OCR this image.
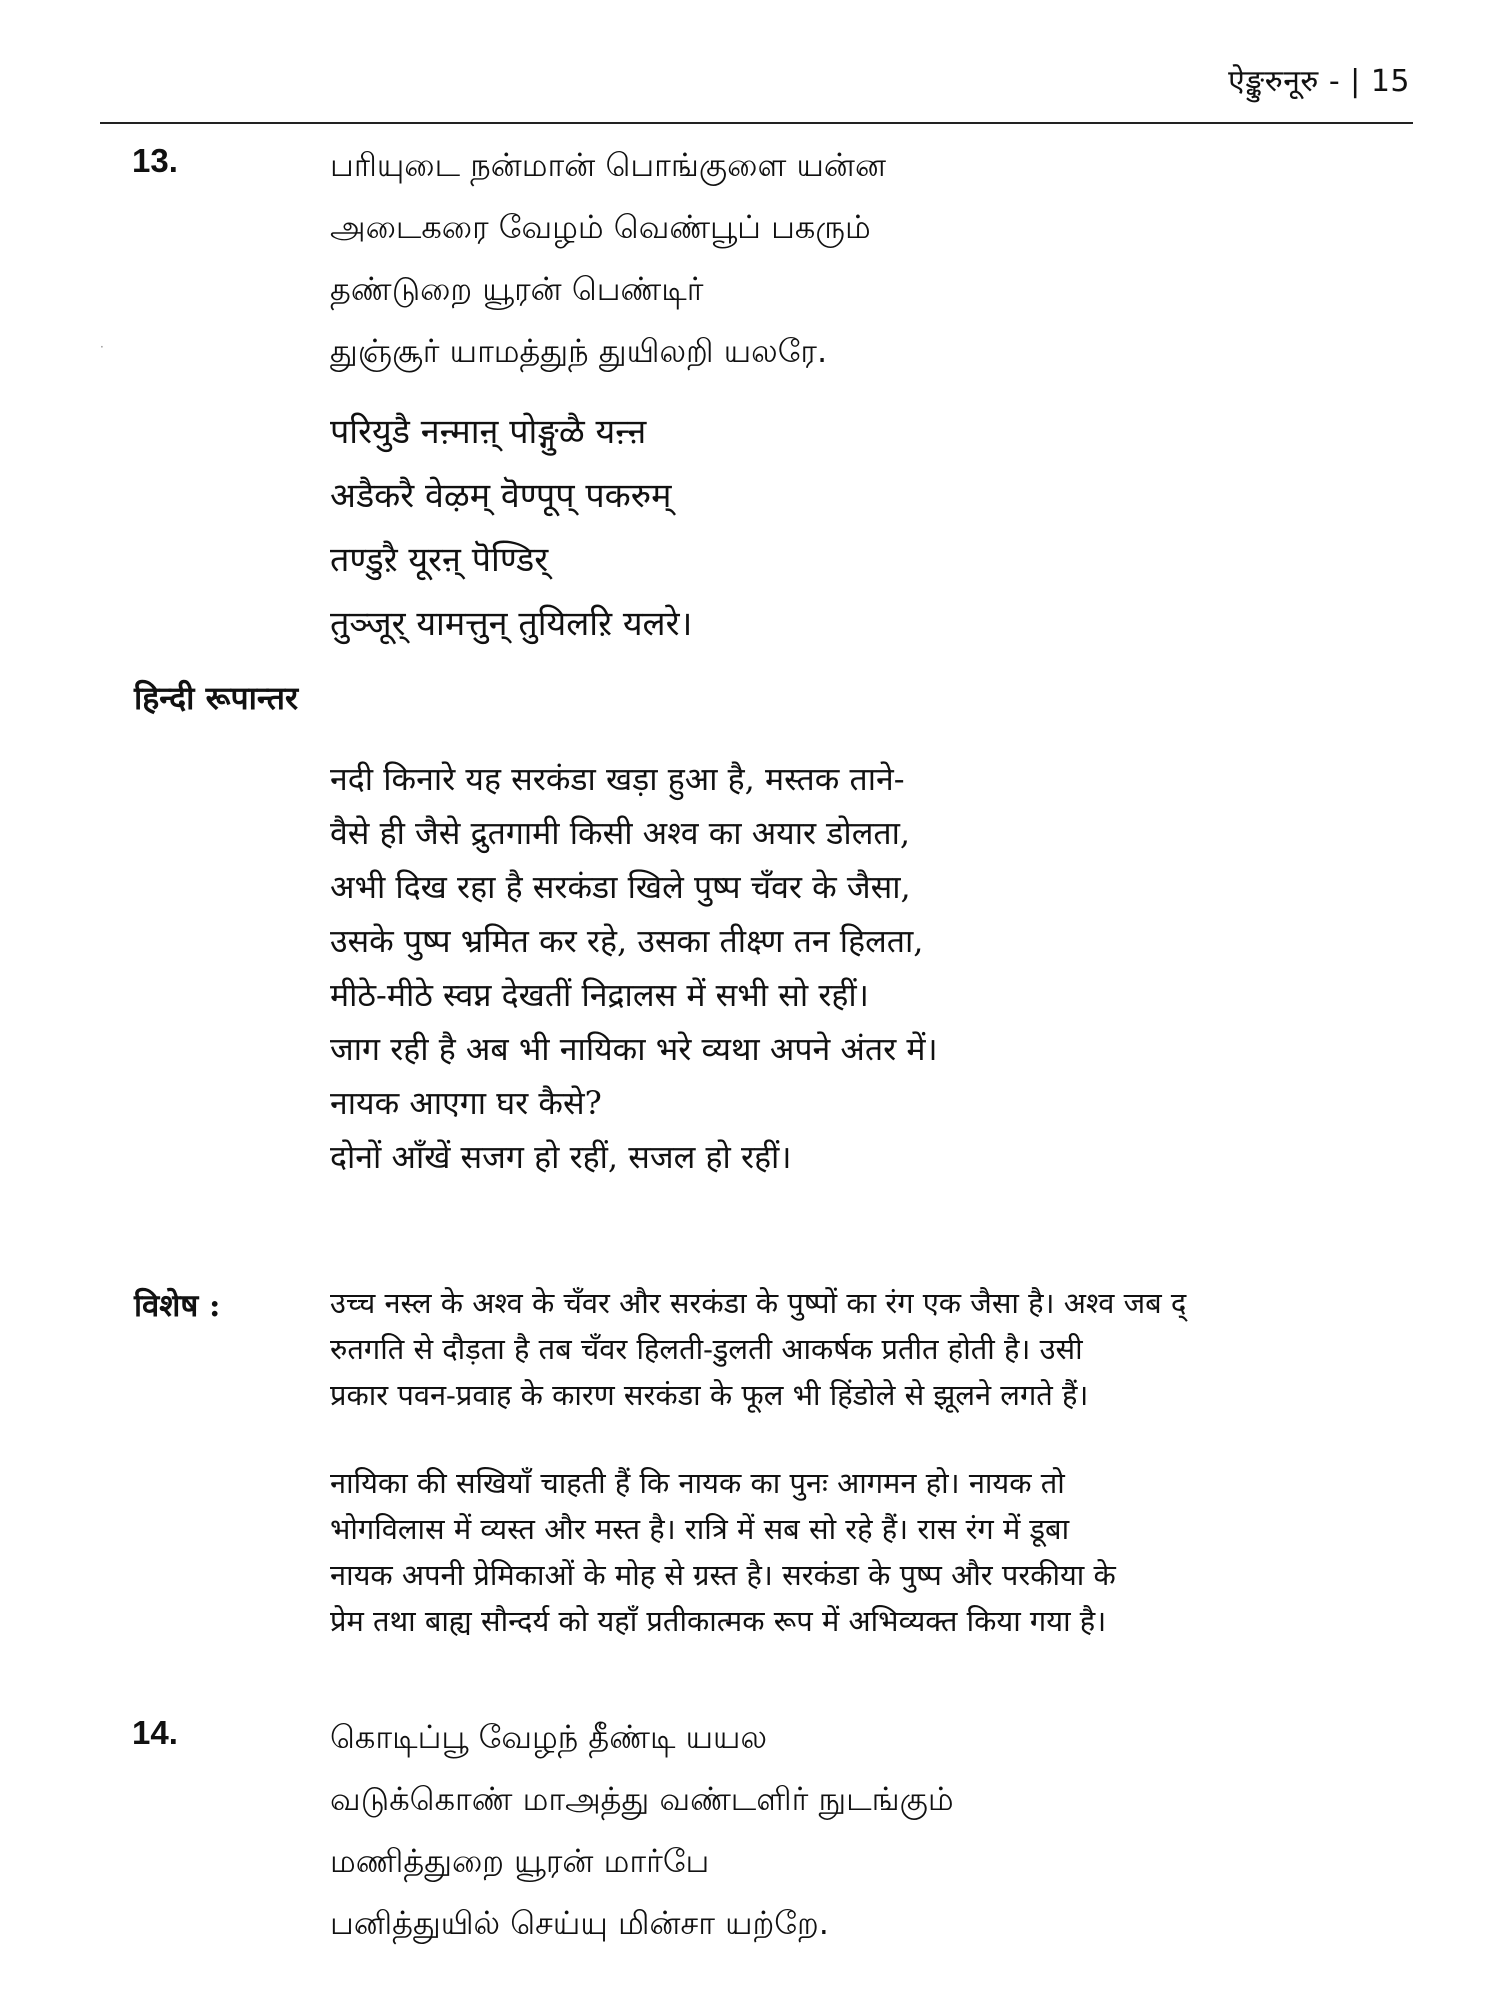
ऐङ्कुरुनूरु - | 15
·
13.	பரியுடை நன்மான் பொங்குளை யன்ன
அடைகரை வேழம் வெண்பூப் பகரும்
தண்டுறை யூரன் பெண்டிர்
துஞ்சூர் யாமத்துந் துயிலறி யலரே.
परियुडै नऩ्माऩ् पोङ्गुळै यऩ्ऩ
अडैकरै वेऴम् वॆण्पूप् पकरुम्
तण्डुऱै यूरऩ् पॆण्डिर्
तुञ्जूर् यामत्तुन् तुयिलऱि यलरे।
हिन्दी रूपान्तर
नदी किनारे यह सरकंडा खड़ा हुआ है, मस्तक ताने-
वैसे ही जैसे द्रुतगामी किसी अश्व का अयार डोलता,
अभी दिख रहा है सरकंडा खिले पुष्प चँवर के जैसा,
उसके पुष्प भ्रमित कर रहे, उसका तीक्ष्ण तन हिलता,
मीठे-मीठे स्वप्न देखतीं निद्रालस में सभी सो रहीं।
जाग रही है अब भी नायिका भरे व्यथा अपने अंतर में।
नायक आएगा घर कैसे?
दोनों आँखें सजग हो रहीं, सजल हो रहीं।
विशेष :	उच्च नस्ल के अश्व के चँवर और सरकंडा के पुष्पों का रंग एक जैसा है। अश्व जब द्
रुतगति से दौड़ता है तब चँवर हिलती-डुलती आकर्षक प्रतीत होती है। उसी
प्रकार पवन-प्रवाह के कारण सरकंडा के फूल भी हिंडोले से झूलने लगते हैं।
नायिका की सखियाँ चाहती हैं कि नायक का पुनः आगमन हो। नायक तो
भोगविलास में व्यस्त और मस्त है। रात्रि में सब सो रहे हैं। रास रंग में डूबा
नायक अपनी प्रेमिकाओं के मोह से ग्रस्त है। सरकंडा के पुष्प और परकीया के
प्रेम तथा बाह्य सौन्दर्य को यहाँ प्रतीकात्मक रूप में अभिव्यक्त किया गया है।
14.	கொடிப்பூ வேழந் தீண்டி யயல
வடுக்கொண் மாஅத்து வண்டளிர் நுடங்கும்
மணித்துறை யூரன் மார்பே
பனித்துயில் செய்யு மின்சா யற்றே.
